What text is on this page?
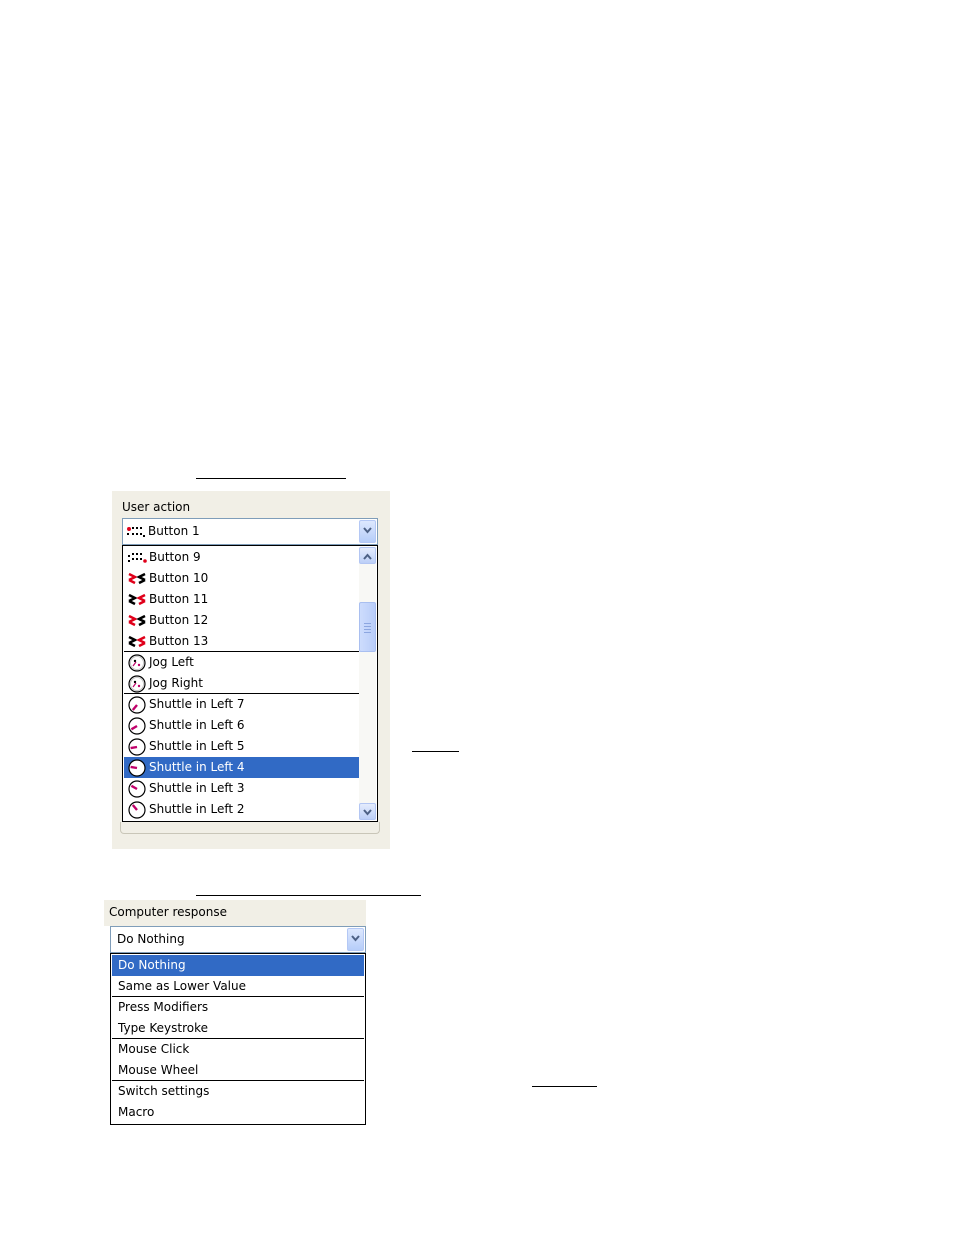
User action
Button 1
Button 9
Button 10
Button 11
Button 12
Button 13
Jog Left
Jog Right
Shuttle in Left 7
Shuttle in Left 6
Shuttle in Left 5
Shuttle in Left 4
Shuttle in Left 3
Shuttle in Left 2
Computer response
Do Nothing
Do Nothing
Same as Lower Value
Press Modifiers
Type Keystroke
Mouse Click
Mouse Wheel
Switch settings
Macro
